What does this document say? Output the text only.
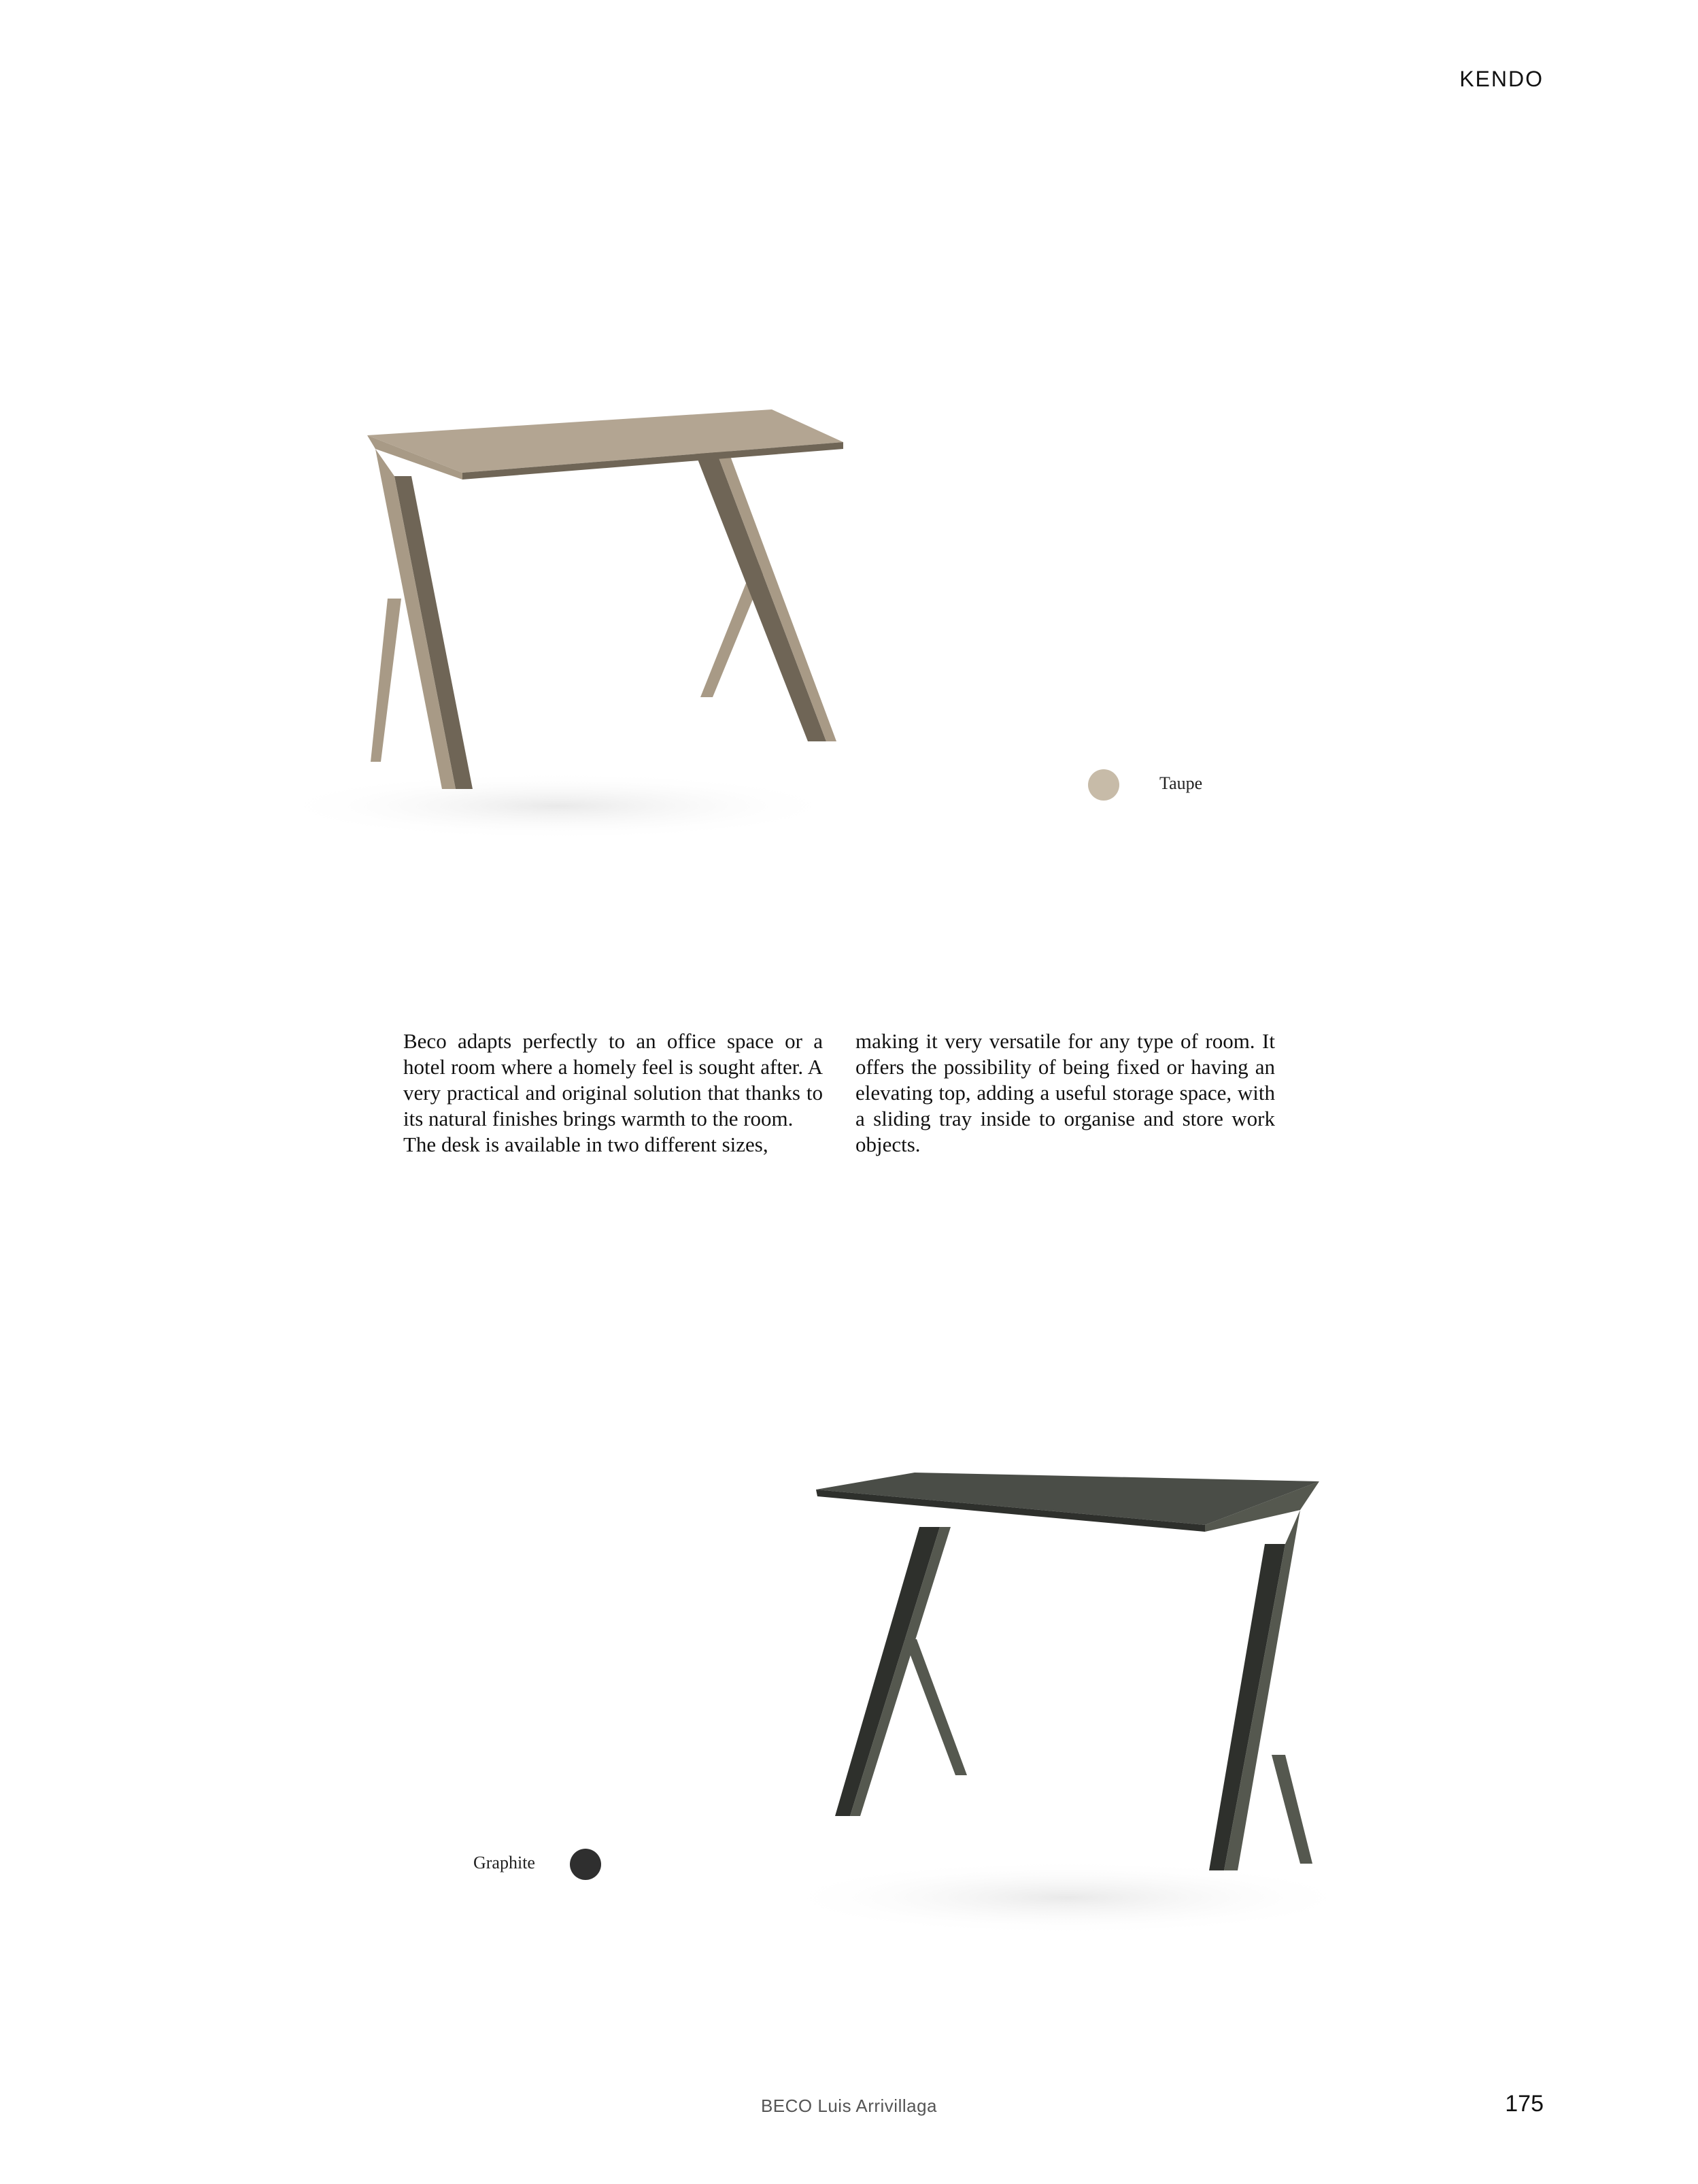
KENDO
Taupe

Beco adapts perfectly to an office space or a hotel room where a homely feel is sought after. A very practical and original solution that thanks to its natural finishes brings warmth to the room.

The desk is available in two different sizes,

making it very versatile for any type of room. It offers the possibility of being fixed or having an elevating top, adding a useful storage space, with a sliding tray inside to organise and store work objects.

Graphite
BECO Luis Arrivillaga	175
